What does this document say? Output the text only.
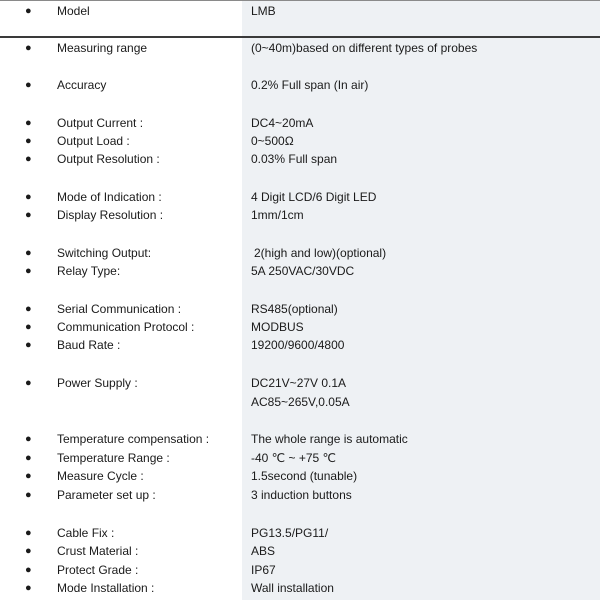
●	Model	LMB
●	Measuring range	(0~40m)based on different types of probes
●	Accuracy	0.2% Full span (In air)
●	Output Current :	DC4~20mA
●	Output Load :	0~500Ω
●	Output Resolution :	0.03% Full span
●	Mode of Indication :	4 Digit LCD/6 Digit LED
●	Display Resolution :	1mm/1cm
●	Switching Output:	2(high and low)(optional)
●	Relay Type:	5A 250VAC/30VDC
●	Serial Communication :	RS485(optional)
●	Communication Protocol :	MODBUS
●	Baud Rate :	19200/9600/4800
●	Power Supply :	DC21V~27V 0.1A
AC85~265V,0.05A
●	Temperature compensation :	The whole range is automatic
●	Temperature Range :	-40 ℃ ~ +75 ℃
●	Measure Cycle :	1.5second (tunable)
●	Parameter set up :	3 induction buttons
●	Cable Fix :	PG13.5/PG11/
●	Crust Material :	ABS
●	Protect Grade :	IP67
●	Mode Installation :	Wall installation
